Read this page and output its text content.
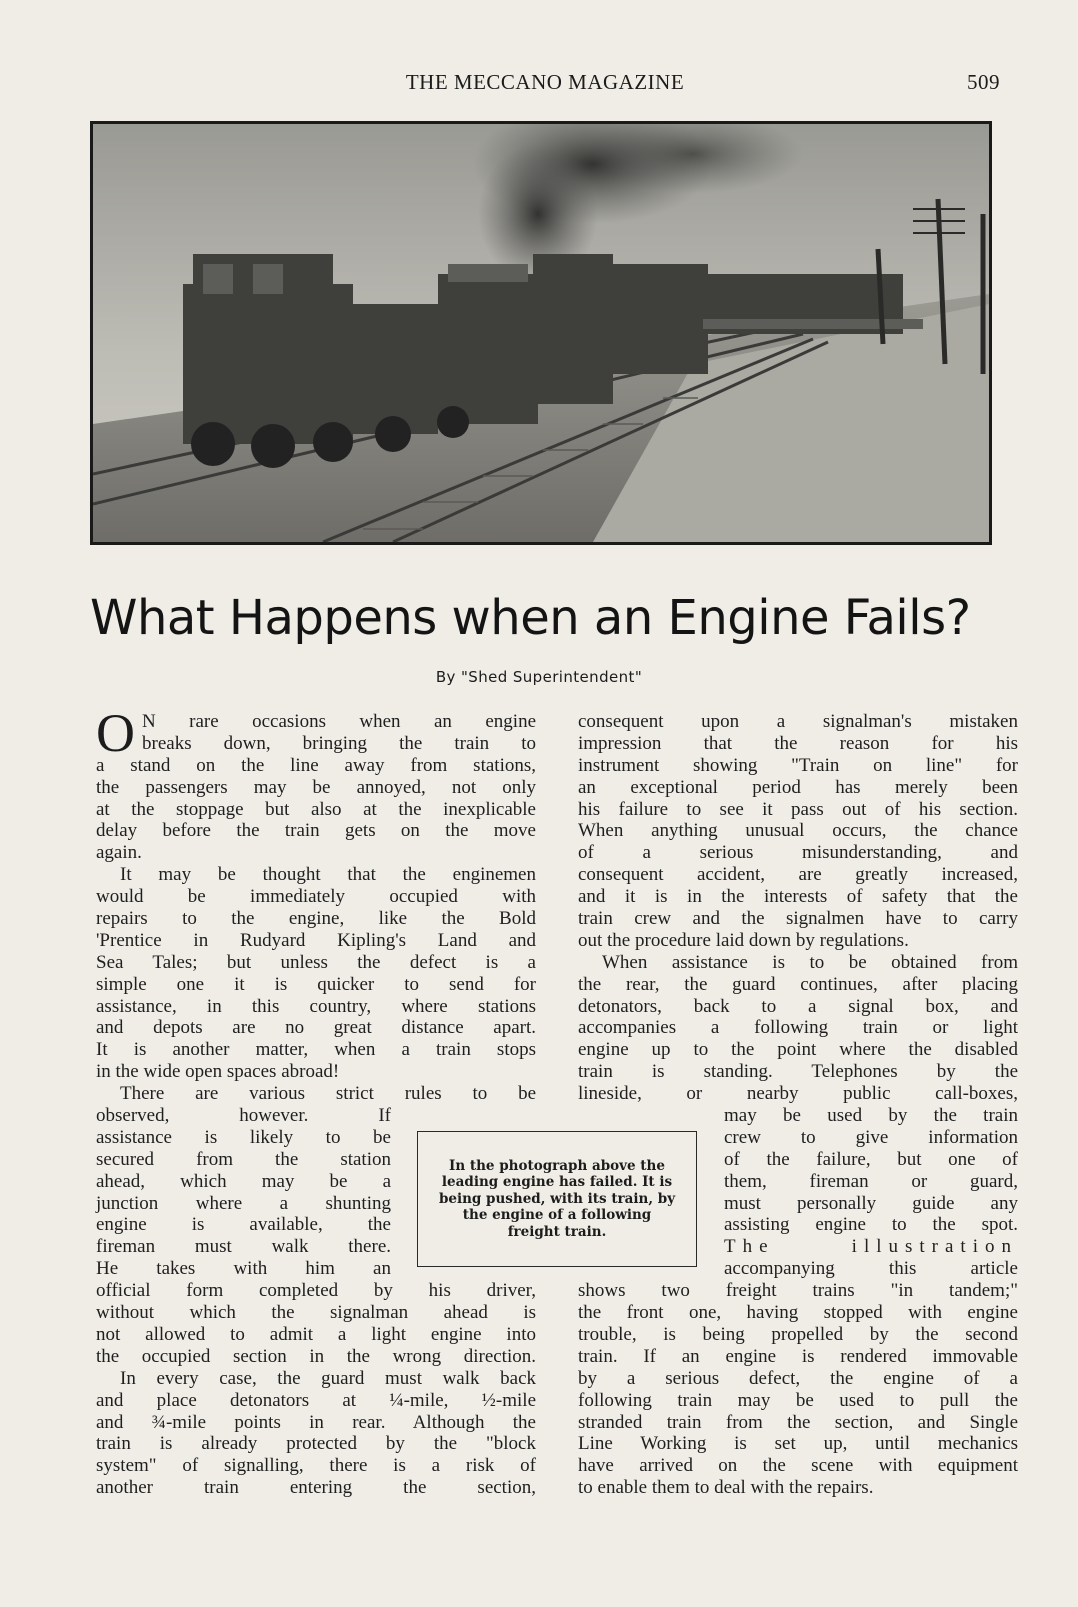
THE MECCANO MAGAZINE	509
What Happens when an Engine Fails?
By "Shed Superintendent"
O N rare occasions when an engine
breaks down, bringing the train to
a stand on the line away from stations,
the passengers may be annoyed, not only
at the stoppage but also at the inexplicable
delay before the train gets on the move
again.
It may be thought that the enginemen
would be immediately occupied with
repairs to the engine, like the Bold
'Prentice in Rudyard Kipling's Land and
Sea Tales; but unless the defect is a
simple one it is quicker to send for
assistance, in this country, where stations
and depots are no great distance apart.
It is another matter, when a train stops
in the wide open spaces abroad!
There are various strict rules to be
observed, however. If
assistance is likely to be
secured from the station
ahead, which may be a
junction where a shunting
engine is available, the
fireman must walk there.
He takes with him an
official form completed by his driver,
without which the signalman ahead is
not allowed to admit a light engine into
the occupied section in the wrong direction.
In every case, the guard must walk back
and place detonators at ¼-mile, ½-mile
and ¾-mile points in rear. Although the
train is already protected by the "block
system" of signalling, there is a risk of
another train entering the section,
In the photograph above the leading engine has failed. It is being pushed, with its train, by the engine of a following freight train.
consequent upon a signalman's mistaken
impression that the reason for his
instrument showing "Train on line" for
an exceptional period has merely been
his failure to see it pass out of his section.
When anything unusual occurs, the chance
of a serious misunderstanding, and
consequent accident, are greatly increased,
and it is in the interests of safety that the
train crew and the signalmen have to carry
out the procedure laid down by regulations.
When assistance is to be obtained from
the rear, the guard continues, after placing
detonators, back to a signal box, and
accompanies a following train or light
engine up to the point where the disabled
train is standing. Telephones by the
lineside, or nearby public call-boxes,
may be used by the train
crew to give information
of the failure, but one of
them, fireman or guard,
must personally guide any
assisting engine to the spot.
The illustration
accompanying this article
shows two freight trains "in tandem;"
the front one, having stopped with engine
trouble, is being propelled by the second
train. If an engine is rendered immovable
by a serious defect, the engine of a
following train may be used to pull the
stranded train from the section, and Single
Line Working is set up, until mechanics
have arrived on the scene with equipment
to enable them to deal with the repairs.
